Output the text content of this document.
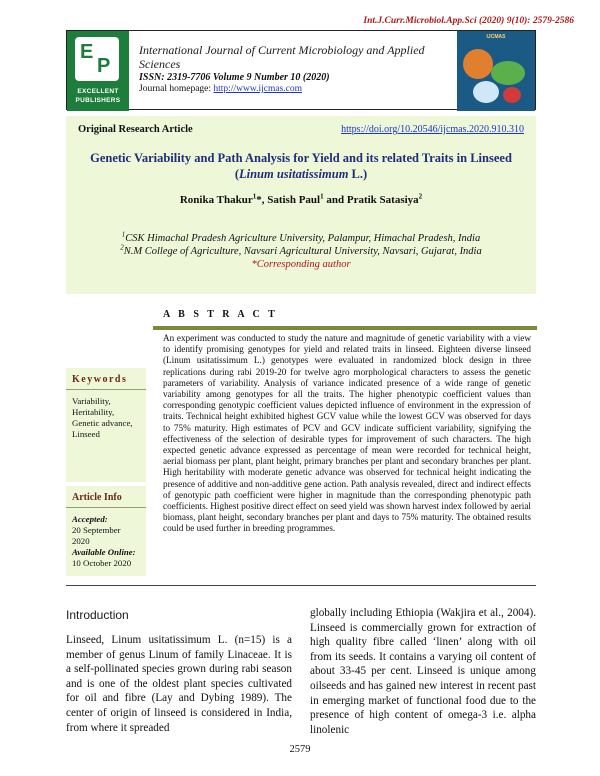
Int.J.Curr.Microbiol.App.Sci (2020) 9(10): 2579-2586
E
P
EXCELLENT
PUBLISHERS
International Journal of Current Microbiology and Applied Sciences
ISSN: 2319-7706 Volume 9 Number 10 (2020)
Journal homepage: http://www.ijcmas.com
IJCMAS
Original Research Article	https://doi.org/10.20546/ijcmas.2020.910.310
Genetic Variability and Path Analysis for Yield and its related Traits in Linseed (Linum usitatissimum L.)
Ronika Thakur$^1$*, Satish Paul$^1$ and Pratik Satasiya$^2$
$^1$CSK Himachal Pradesh Agriculture University, Palampur, Himachal Pradesh, India
$^2$N.M College of Agriculture, Navsari Agricultural University, Navsari, Gujarat, India
*Corresponding author
A B S T R A C T
An experiment was conducted to study the nature and magnitude of genetic variability with a view to identify promising genotypes for yield and related traits in linseed. Eighteen diverse linseed (Linum usitatissimum L.) genotypes were evaluated in randomized block design in three replications during rabi 2019-20 for twelve agro morphological characters to assess the genetic parameters of variability. Analysis of variance indicated presence of a wide range of genetic variability among genotypes for all the traits. The higher phenotypic coefficient values than corresponding genotypic coefficient values depicted influence of environment in the expression of traits. Technical height exhibited highest GCV value while the lowest GCV was observed for days to 75% maturity. High estimates of PCV and GCV indicate sufficient variability, signifying the effectiveness of the selection of desirable types for improvement of such characters. The high expected genetic advance expressed as percentage of mean were recorded for technical height, aerial biomass per plant, plant height, primary branches per plant and secondary branches per plant. High heritability with moderate genetic advance was observed for technical height indicating the presence of additive and non-additive gene action. Path analysis revealed, direct and indirect effects of genotypic path coefficient were higher in magnitude than the corresponding phenotypic path coefficients. Highest positive direct effect on seed yield was shown harvest index followed by aerial biomass, plant height, secondary branches per plant and days to 75% maturity. The obtained results could be used further in breeding programmes.
Keywords
Variability,
Heritability,
Genetic advance,
Linseed
Article Info
Accepted:
20 September 2020
Available Online:
10 October 2020
Introduction
Linseed, Linum usitatissimum L. (n=15) is a member of genus Linum of family Linaceae. It is a self-pollinated species grown during rabi season and is one of the oldest plant species cultivated for oil and fibre (Lay and Dybing 1989). The center of origin of linseed is considered in India, from where it spreaded
globally including Ethiopia (Wakjira et al., 2004). Linseed is commercially grown for extraction of high quality fibre called ‘linen’ along with oil from its seeds. It contains a varying oil content of about 33-45 per cent. Linseed is unique among oilseeds and has gained new interest in recent past in emerging market of functional food due to the presence of high content of omega-3 i.e. alpha linolenic
2579
